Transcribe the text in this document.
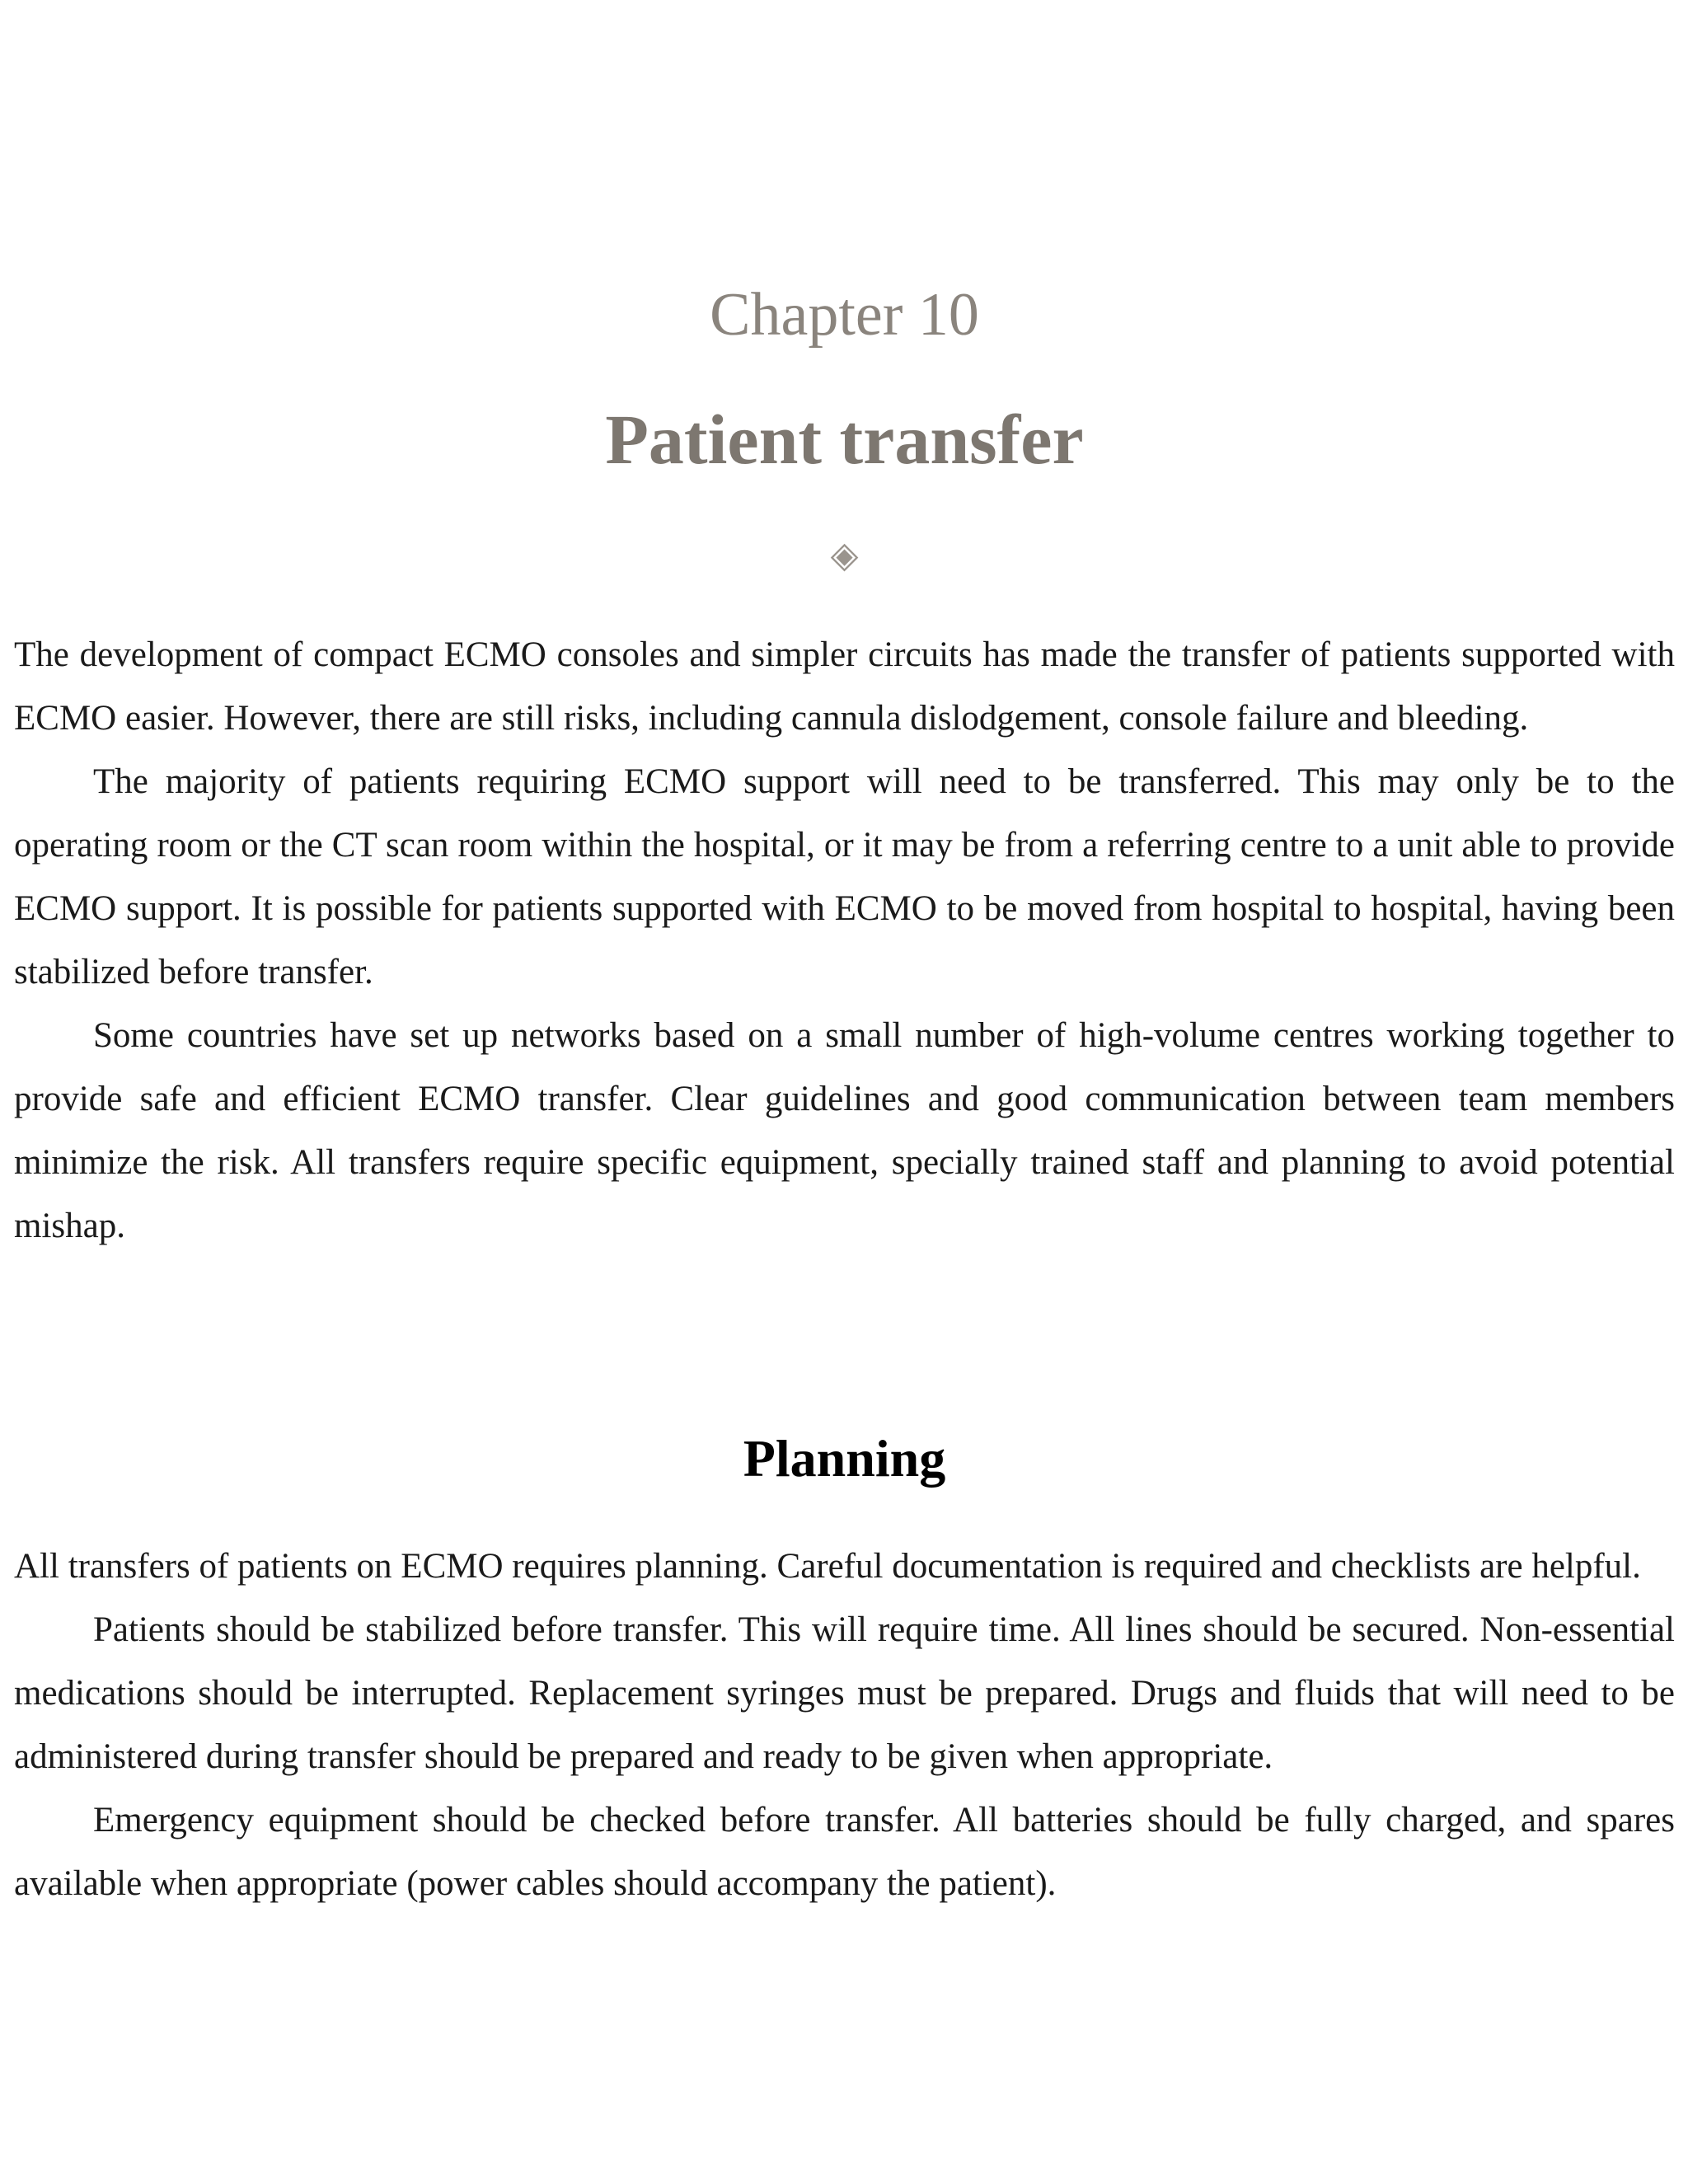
Chapter 10
Patient transfer
◈

The development of compact ECMO consoles and simpler circuits has made the transfer of patients supported with ECMO easier. However, there are still risks, including cannula dislodgement, console failure and bleeding.

The majority of patients requiring ECMO support will need to be transferred. This may only be to the operating room or the CT scan room within the hospital, or it may be from a referring centre to a unit able to provide ECMO support. It is possible for patients supported with ECMO to be moved from hospital to hospital, having been stabilized before transfer.

Some countries have set up networks based on a small number of high-volume centres working together to provide safe and efficient ECMO transfer. Clear guidelines and good communication between team members minimize the risk. All transfers require specific equipment, specially trained staff and planning to avoid potential mishap.

Planning

All transfers of patients on ECMO requires planning. Careful documentation is required and checklists are helpful.

Patients should be stabilized before transfer. This will require time. All lines should be secured. Non-essential medications should be interrupted. Replacement syringes must be prepared. Drugs and fluids that will need to be administered during transfer should be prepared and ready to be given when appropriate.

Emergency equipment should be checked before transfer. All batteries should be fully charged, and spares available when appropriate (power cables should accompany the patient).
